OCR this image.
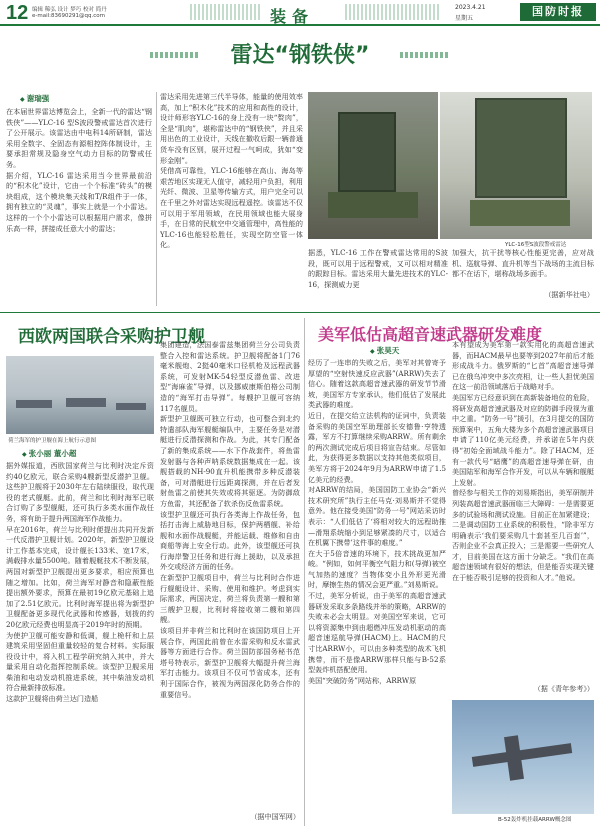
12 编辑 稀弘 设计 梦巧 校对 简丹
e-mail:83690291@qq.com	装备	2023.4.21
星期五
国防时报
雷达“钢铁侠”
◆ 谢瑞强
在本届世界雷达博览会上，全新一代的雷达“钢铁侠”——YLC-16 型S波段警戒雷达首次进行了公开展示。该雷达由中电科14所研制，雷达采用全数字、全固态有源相控阵体制设计，主要承担常规及隐身空气动力目标的防警戒任务。
据介绍，YLC-16 雷达采用当今世界最前沿的“积木化”设计，它由一个个标准“砖头”的模块组成，这个模块集天线和T/R组件于一体，拥有独立的“灵魂”，事实上就是一个小雷达。这样的一个个小雷达可以根据用户需求，像拼乐高一样，拼接成任意大小的雷达；
雷达采用先进第三代半导体，能量的使用效率高，加上“积木化”技术的应用和高性的设计，设计师形容YLC-16的身上没有一块“赘肉”，全是“肌肉”，堪称雷达中的“钢铁侠”，并且采用出色的工业设计，天线在撤收后跟一辆普通货车没有区别，展开过程一气呵成，犹如“变形金刚”。
凭借高可靠性，YLC-16能够在高山、海岛等艰苦地区实现无人值守，减轻用户负担，利用光纤、微波、卫星等传输方式，用户完全可以在千里之外对雷达实现远程遥控。该雷达不仅可以用于军用领域，在民用领域也能大展身手，在日常的民航空中交通管理中，高性能的YLC-16也能轻松胜任，实现空防空管一体化。	YLC-16型S波段警戒雷达
据悉，YLC-16 工作在警戒雷达常用的S波段，既可以用于远程警戒，又可以相对精准的跟踪目标。雷达采用大量先进技术的YLC-16，探测威力更
加强大，抗干扰等核心性能更完善，应对战机、巡航导弹、直升机等当下战场的主流目标都不在话下，堪称战场多面手。
（据新华社电）
西欧两国联合采购护卫舰
荷兰海军的护卫舰在海上航行示意图
◆ 张小丽 董小超
据外媒报道，西欧国家荷兰与比利时决定斥资约40亿欧元，联合采购4艘新型反潜护卫舰。这些护卫舰将于2030年左右陆续服役，取代现役的老式舰艇。此前，荷兰和比利时海军已联合订购了多型舰艇，还可执行多类水面作战任务，将有助于提升两国海军作战能力。
早在2016年，荷兰与比利时便提出共同开发新一代反潜护卫舰计划。2020年，新型护卫舰设计工作基本完成，设计舰长133米、宽17米，满载排水量5500吨。随着舰艇技术不断发展，两国对新型护卫舰提出更多要求，相应预算也随之增加。比如，荷兰海军对静音和隐蔽性能提出额外要求，预算在最初19亿欧元基础上追加了2.51亿欧元。比利时海军提出将为新型护卫舰配备更多现代化武器和传感器，划拨的约20亿欧元经费也明显高于2019年时的预期。
为使护卫舰可能安静和低调，舰上桅杆和上层建筑采用坚固但重量较轻的复合材料。实际服役设计中，将入机工程学研究纳入其中，并大量采用自动化指挥控制系统。该型护卫舰采用柴油和电动发动机推进系统，其中柴油发动机符合最新排放标准。
这款护卫舰将由荷兰达门造船
集团建造，法国泰雷兹集团荷兰分公司负责整合入控和雷达系统。护卫舰将配备1门76毫米舰炮、2挺40毫米口径机枪及远程武器系统，可发射MK-54轻型反潜鱼雷、改进型“海麻雀”导弹，以及挪威康斯伯格公司制造的“海军打击导弹”。每艘护卫舰可容纳117名舰员。
新型护卫舰既可独立行动，也可整合到北约特遣部队海军舰艇编队中，主要任务是对潜艇进行反潜探测和作战。为此，其专门配备了新的集成系统——水下作战套件，将鱼雷发射器与各种声呐系统数据集成在一起。该舰搭载的NH-90直升机能携带多种反潜装备，可对潜艇进行远距离探测，并在后者发射鱼雷之前使其失效或将其驱逐。为防御敌方鱼雷，其还配备了软杀伤反鱼雷系统。
该型护卫舰还可执行各类海上作战任务，包括打击海上威胁地目标，保护两栖舰、补给舰和水面作战舰艇，并能运载、维修和自由商船等海上安全行动。此外，该型舰还可执行海岸警卫任务和进行海上援助，以及承担外交或经济方面的任务。
在新型护卫舰项目中，荷兰与比利时合作进行舰艇设计、采购、使用和维护。考虑到实际需求，两国决定，荷兰将负责第一艘和第三艘护卫舰，比利时将接收第二艘和第四艘。
该项目并非荷兰和比利时在该国防项目上开展合作，两国此前曾在水雷采购和反水雷武器等方面进行合作。荷兰国防部国务秘书范塔号特表示，新型护卫舰将大幅提升荷兰海军打击能力。该项目不仅可节省成本，还有利于国际合作，被视为两国深化防务合作的重要信号。
（据中国军网）
美军低估高超音速武器研发难度
◆ 张昊天
经历了一连串的失败之后，美军对其曾寄予厚望的“空射快速反应武器”(ARRW)失去了信心。随着这款高超音速武器的研发节节滑坡，美国军方专家承认，他们低估了发展此类武器的难度。
近日，在提交给立法机构的证词中，负责装备采购的美国空军助理部长安德鲁·亨特透露，军方不打算继续采购ARRW。所有剩余的两次测试完成后项目将宣告结束。尽管如此，为获得更多数据以支持其他类似项目，美军方将于2024年9月为ARRW申请了1.5亿美元的经费。
对ARRW的结局，美国国防工业协会“新兴技术研究所”执行主任马克·刘易斯并不觉得意外。他在接受美国“防务一号”网站采访时表示：“人们低估了‘将相对较大的远程助推—滑翔系统缩小到足够紧凑的尺寸，以适合在机翼下携带’这件事的难度。”
在大于5倍音速的环境下，技术挑战更加严峻。“例如，如何平衡空气阻力和(导弹)被空气加热的速度？当物体变小且外形更光滑时，摩擦生热的情况会更严重。”刘易斯说。
不过，美军分析说，由于美军的高超音速武器研发采取多条路线并举的策略，ARRW的失败未必会太明显。对美国空军来说，它可以将资源集中到由超燃冲压发动机驱动的高超音速巡航导弹(HACM)上。HACM的尺寸比ARRW小，可以由多种类型的战术飞机携带，而不是像ARRW那样只能与B-52系型轰炸机搭配使用。
美国“突破防务”网站称，ARRW原
本有望成为美军第一款实用化的高超音速武器，而HACM最早也要等到2027年前后才能形成战斗力。俄罗斯的“匕首”高超音速导弹已在俄乌冲突中多次亮相，让一些人担忧美国在这一前沿领域落后于战略对手。
美国军方已经意识到在高新装备地位的危险，将研发高超音速武器及对应的防御手段视为重中之重。“防务一号”援引，在3月提交的国防预算案中，五角大楼为多个高超音速武器项目申请了110亿美元经费，并承诺在5年内获得“初始全面域战斗能力”。除了HACM，还有一款代号“暗鹰”的高超音速导弹在研，由美国陆军和海军合作开发，可以从车辆和舰艇上发射。
曾经参与相关工作的刘易斯指出，美军研制并列装高超音速武器面临三大障碍：一是需要更多的试验场和测试设施。目前正在加紧建设；二是调动国防工业系统的积极性，“除非军方明确表示‘我们要采购几十套甚至几百套’”，否则企业不会真正投入；三是需要一些研究人才，目前美国在这方面十分缺乏。“我们在高超音速领域有很好的想法，但是能否实现关键在于能否吸引足够的投资和人才。”他说。
（据《青年参考》）
B-52轰炸机挂载ARRW概念图
